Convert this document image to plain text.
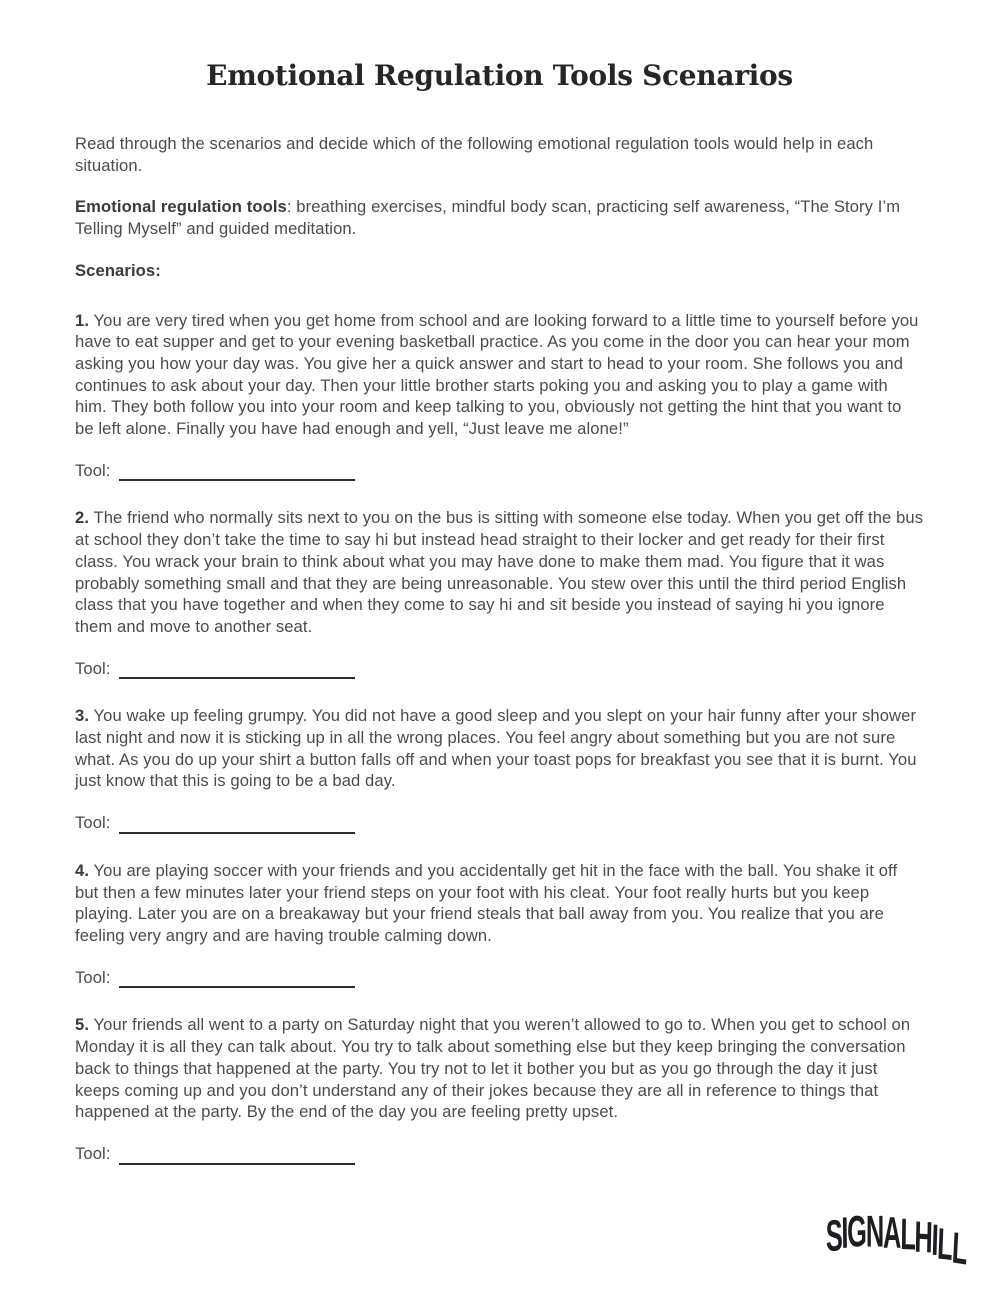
Emotional Regulation Tools Scenarios

Read through the scenarios and decide which of the following emotional regulation tools would help in each situation.

Emotional regulation tools: breathing exercises, mindful body scan, practicing self awareness, “The Story I’m Telling Myself” and guided meditation.

Scenarios:

1. You are very tired when you get home from school and are looking forward to a little time to yourself before you have to eat supper and get to your evening basketball practice. As you come in the door you can hear your mom asking you how your day was. You give her a quick answer and start to head to your room. She follows you and continues to ask about your day. Then your little brother starts poking you and asking you to play a game with him. They both follow you into your room and keep talking to you, obviously not getting the hint that you want to be left alone. Finally you have had enough and yell, “Just leave me alone!”

Tool:

2. The friend who normally sits next to you on the bus is sitting with someone else today. When you get off the bus at school they don’t take the time to say hi but instead head straight to their locker and get ready for their first class. You wrack your brain to think about what you may have done to make them mad. You figure that it was probably something small and that they are being unreasonable. You stew over this until the third period English class that you have together and when they come to say hi and sit beside you instead of saying hi you ignore them and move to another seat.

Tool:

3. You wake up feeling grumpy. You did not have a good sleep and you slept on your hair funny after your shower last night and now it is sticking up in all the wrong places. You feel angry about something but you are not sure what. As you do up your shirt a button falls off and when your toast pops for breakfast you see that it is burnt. You just know that this is going to be a bad day.

Tool:

4. You are playing soccer with your friends and you accidentally get hit in the face with the ball. You shake it off but then a few minutes later your friend steps on your foot with his cleat. Your foot really hurts but you keep playing. Later you are on a breakaway but your friend steals that ball away from you. You realize that you are feeling very angry and are having trouble calming down.

Tool:

5. Your friends all went to a party on Saturday night that you weren’t allowed to go to. When you get to school on Monday it is all they can talk about. You try to talk about something else but they keep bringing the conversation back to things that happened at the party. You try not to let it bother you but as you go through the day it just keeps coming up and you don’t understand any of their jokes because they are all in reference to things that happened at the party. By the end of the day you are feeling pretty upset.

Tool:
SIGNALHILL
